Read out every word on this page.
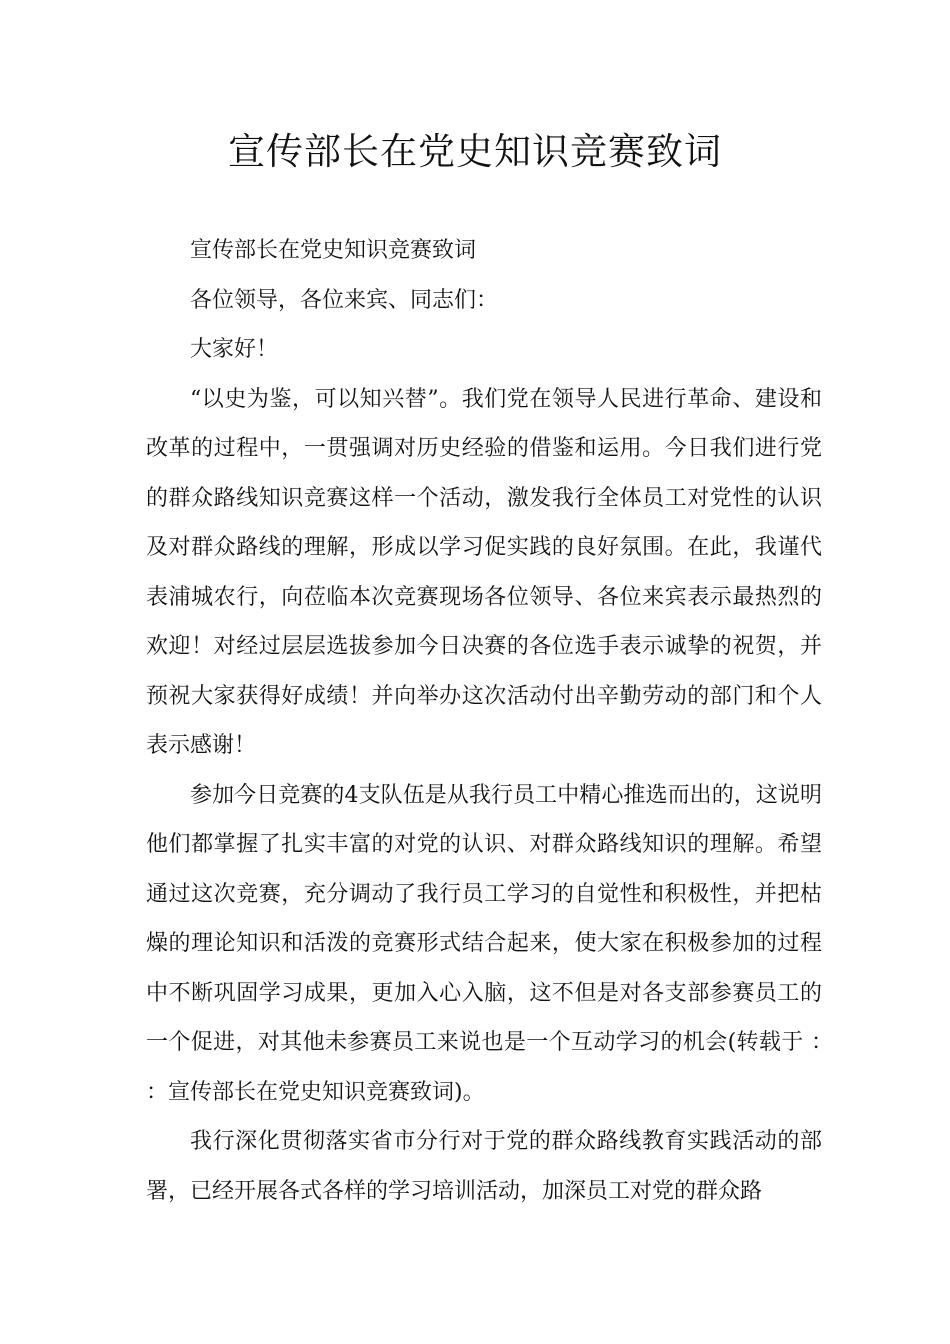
宣传部长在党史知识竞赛致词

宣传部长在党史知识竞赛致词

各位领导，各位来宾、同志们：

大家好！

“以史为鉴，可以知兴替”。我们党在领导人民进行革命、建设和改革的过程中，一贯强调对历史经验的借鉴和运用。今日我们进行党的群众路线知识竞赛这样一个活动，激发我行全体员工对党性的认识及对群众路线的理解，形成以学习促实践的良好氛围。在此，我谨代表浦城农行，向莅临本次竞赛现场各位领导、各位来宾表示最热烈的欢迎！对经过层层选拔参加今日决赛的各位选手表示诚挚的祝贺，并预祝大家获得好成绩！并向举办这次活动付出辛勤劳动的部门和个人表示感谢！

参加今日竞赛的4支队伍是从我行员工中精心推选而出的，这说明他们都掌握了扎实丰富的对党的认识、对群众路线知识的理解。希望通过这次竞赛，充分调动了我行员工学习的自觉性和积极性，并把枯燥的理论知识和活泼的竞赛形式结合起来，使大家在积极参加的过程中不断巩固学习成果，更加入心入脑，这不但是对各支部参赛员工的一个促进，对其他未参赛员工来说也是一个互动学习的机会(转载于 ：　 ：宣传部长在党史知识竞赛致词)。

我行深化贯彻落实省市分行对于党的群众路线教育实践活动的部署，已经开展各式各样的学习培训活动，加深员工对党的群众路
